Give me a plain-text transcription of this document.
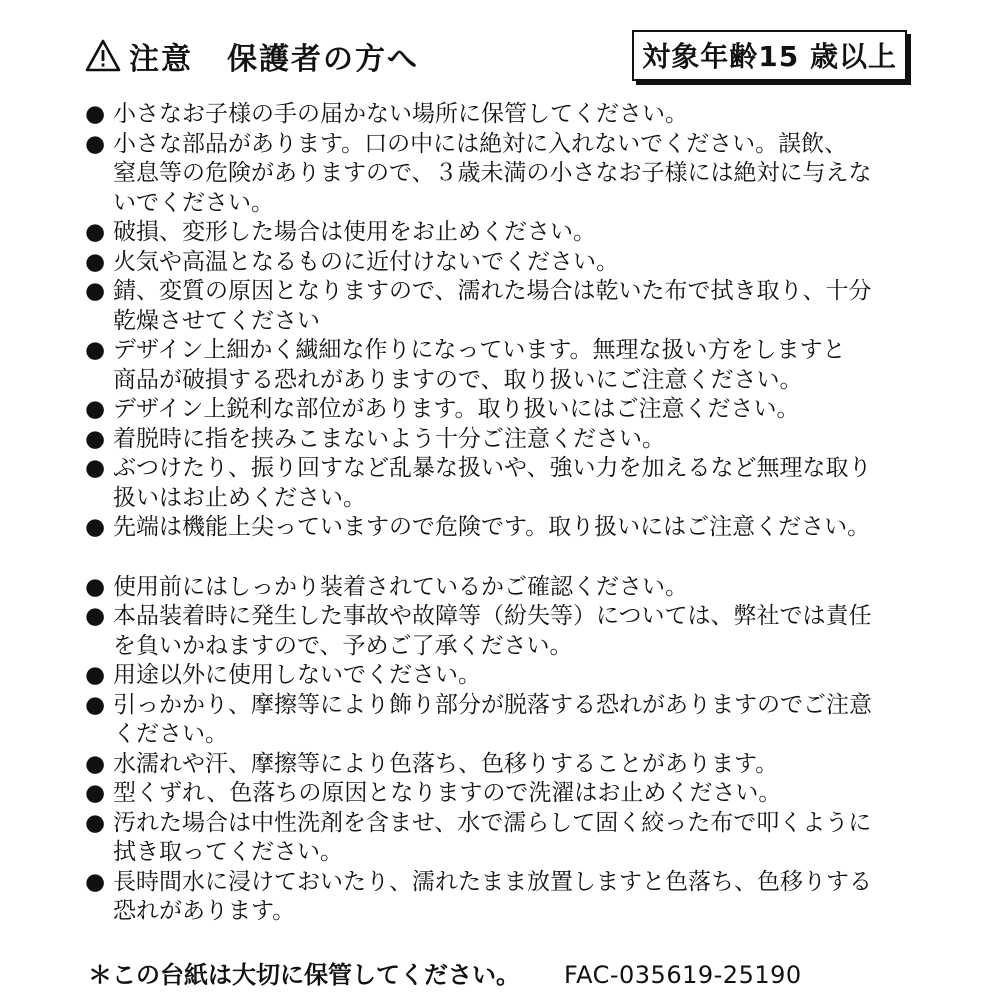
注意 保護者の方へ	対象年齢15 歳以上
● 小さなお子様の手の届かない場所に保管してください。
● 小さな部品があります。口の中には絶対に入れないでください。誤飲、
窒息等の危険がありますので、３歳未満の小さなお子様には絶対に与えな
いでください。
● 破損、変形した場合は使用をお止めください。
● 火気や高温となるものに近付けないでください。
● 錆、変質の原因となりますので、濡れた場合は乾いた布で拭き取り、十分
乾燥させてください
● デザイン上細かく繊細な作りになっています。無理な扱い方をしますと
商品が破損する恐れがありますので、取り扱いにご注意ください。
● デザイン上鋭利な部位があります。取り扱いにはご注意ください。
● 着脱時に指を挟みこまないよう十分ご注意ください。
● ぶつけたり、振り回すなど乱暴な扱いや、強い力を加えるなど無理な取り
扱いはお止めください。
● 先端は機能上尖っていますので危険です。取り扱いにはご注意ください。
● 使用前にはしっかり装着されているかご確認ください。
● 本品装着時に発生した事故や故障等（紛失等）については、弊社では責任
を負いかねますので、予めご了承ください。
● 用途以外に使用しないでください。
● 引っかかり、摩擦等により飾り部分が脱落する恐れがありますのでご注意
ください。
● 水濡れや汗、摩擦等により色落ち、色移りすることがあります。
● 型くずれ、色落ちの原因となりますので洗濯はお止めください。
● 汚れた場合は中性洗剤を含ませ、水で濡らして固く絞った布で叩くように
拭き取ってください。
● 長時間水に浸けておいたり、濡れたまま放置しますと色落ち、色移りする
恐れがあります。
＊この台紙は大切に保管してください。 FAC-035619-25190
